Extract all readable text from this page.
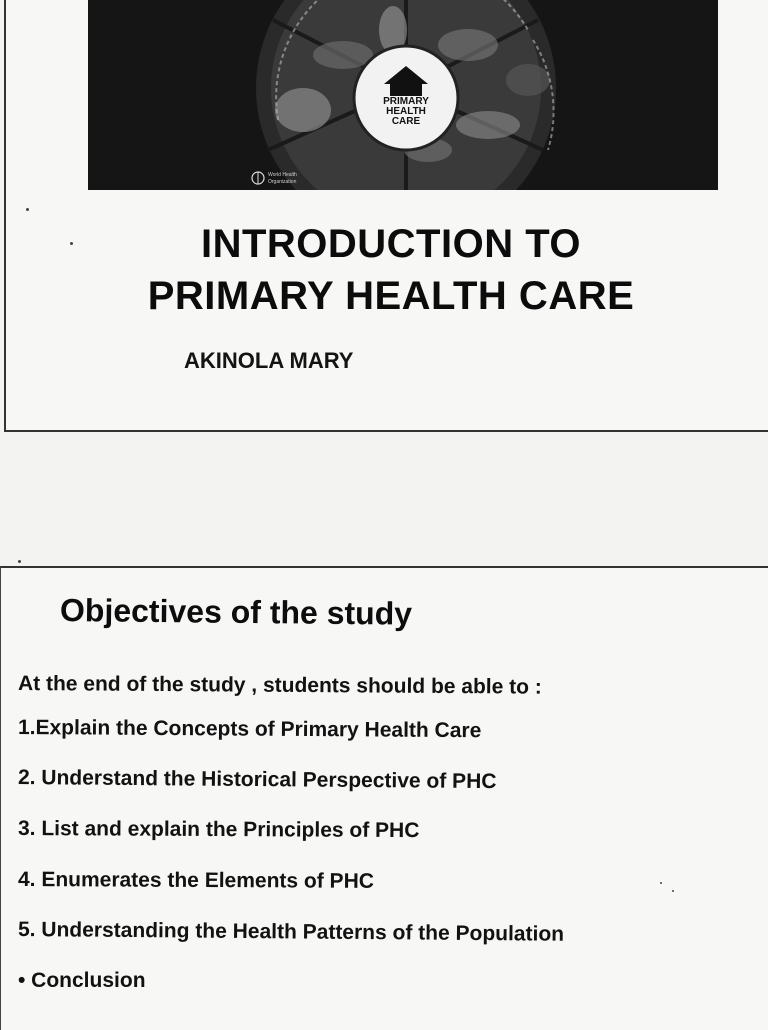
PRIMARY
HEALTH
CARE
World Health
Organization
INTRODUCTION TO
PRIMARY HEALTH CARE
AKINOLA MARY
Objectives of the study
At the end of the study , students should be able to :
1.Explain the Concepts of Primary Health Care
2. Understand the Historical Perspective of PHC
3. List and explain the Principles of PHC
4. Enumerates the Elements of PHC
5. Understanding the Health Patterns of the Population
• Conclusion
